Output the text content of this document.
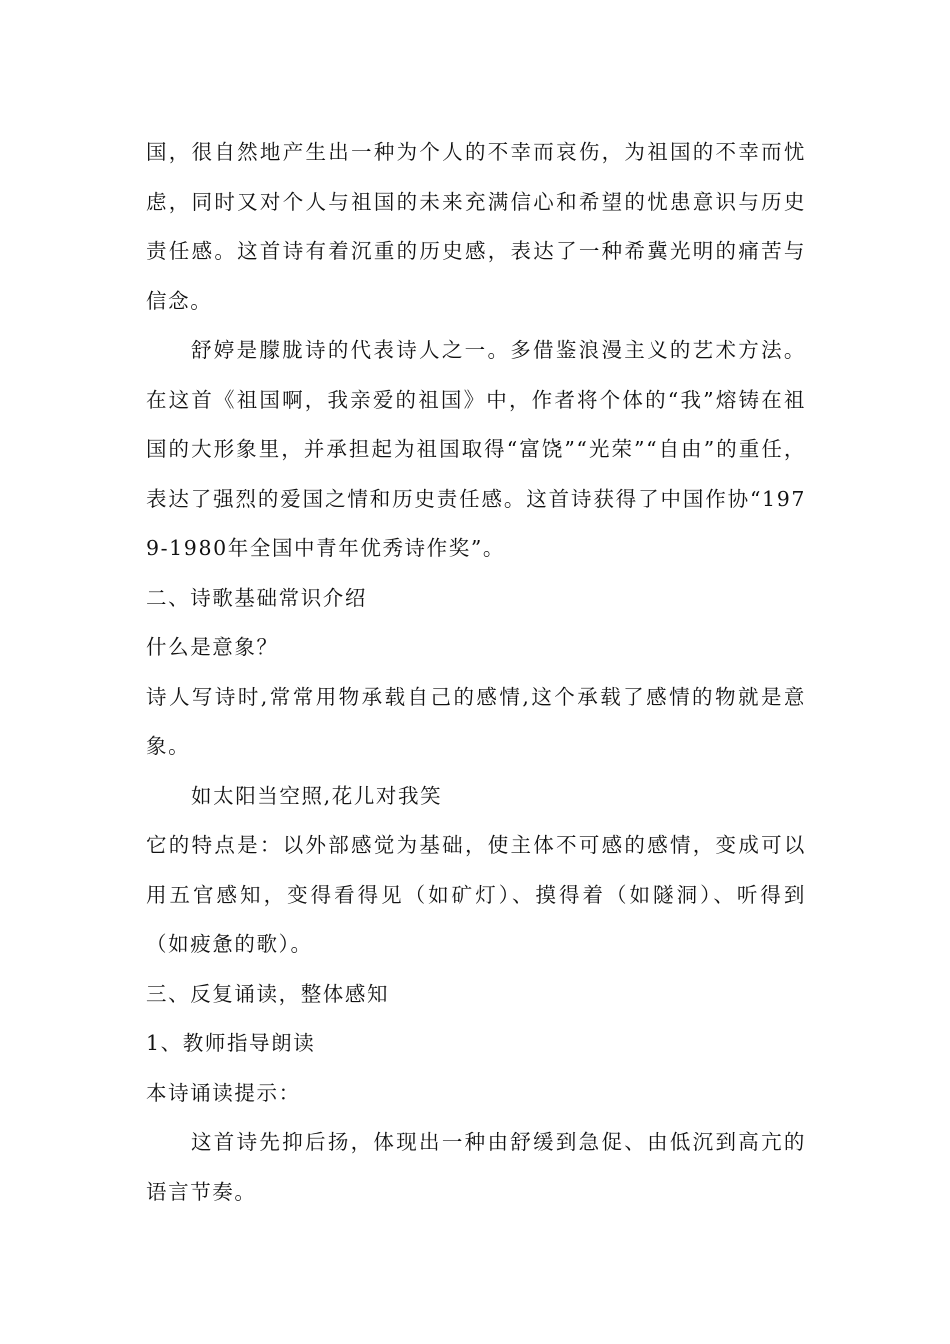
国，很自然地产生出一种为个人的不幸而哀伤，为祖国的不幸而忧虑，同时又对个人与祖国的未来充满信心和希望的忧患意识与历史责任感。这首诗有着沉重的历史感，表达了一种希冀光明的痛苦与信念。

舒婷是朦胧诗的代表诗人之一。多借鉴浪漫主义的艺术方法。在这首《祖国啊，我亲爱的祖国》中，作者将个体的“我”熔铸在祖国的大形象里，并承担起为祖国取得“富饶”“光荣”“自由”的重任，表达了强烈的爱国之情和历史责任感。这首诗获得了中国作协“1979-1980年全国中青年优秀诗作奖”。

二、诗歌基础常识介绍

什么是意象？

诗人写诗时,常常用物承载自己的感情,这个承载了感情的物就是意象。

如太阳当空照,花儿对我笑

它的特点是：以外部感觉为基础，使主体不可感的感情，变成可以用五官感知，变得看得见（如矿灯）、摸得着（如隧洞）、听得到（如疲惫的歌）。

三、反复诵读，整体感知

1、教师指导朗读

本诗诵读提示：

这首诗先抑后扬，体现出一种由舒缓到急促、由低沉到高亢的语言节奏。
